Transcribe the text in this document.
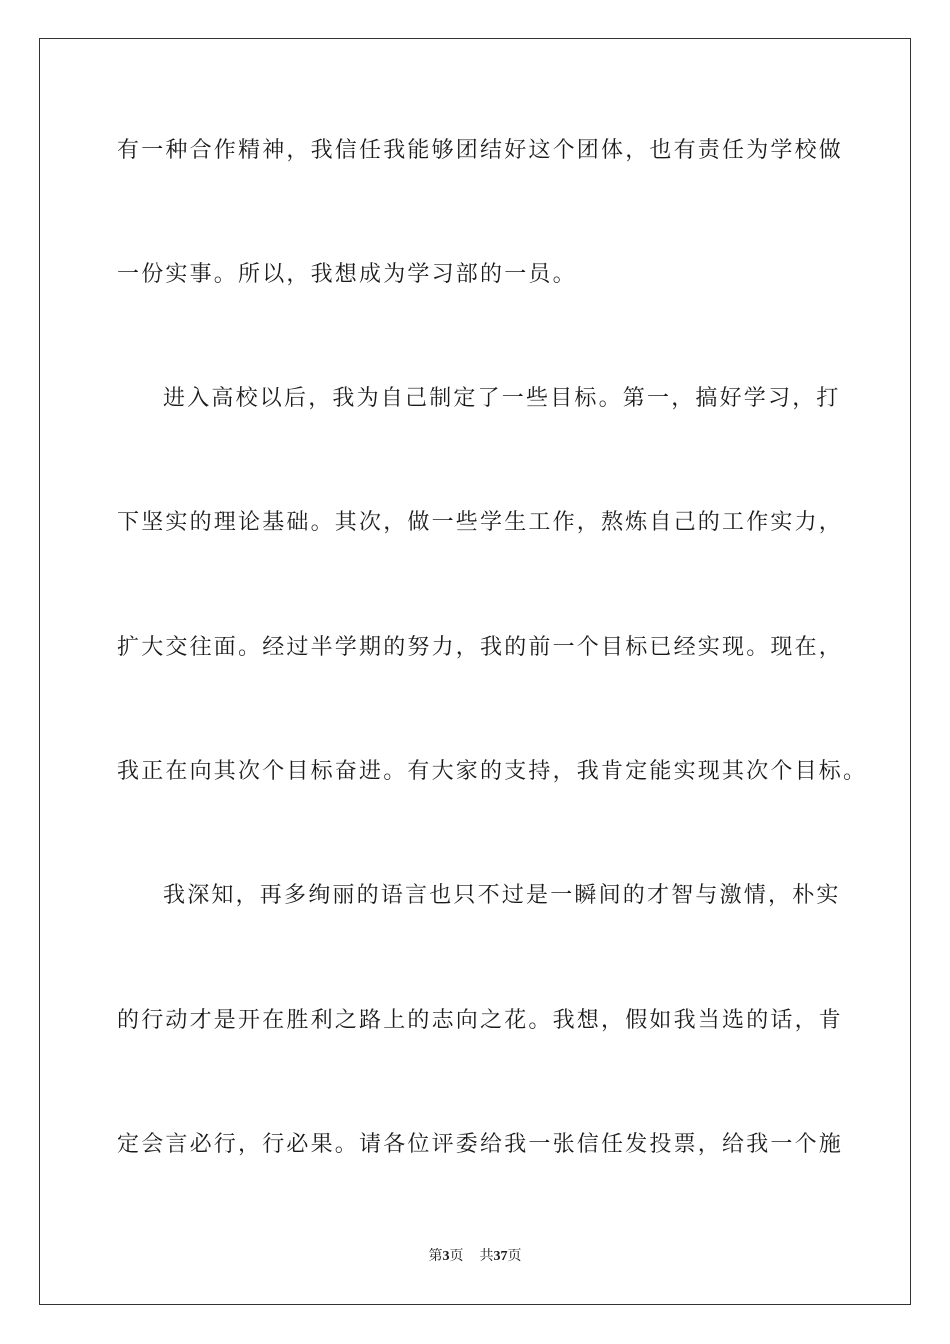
有一种合作精神，我信任我能够团结好这个团体，也有责任为学校做
一份实事。所以，我想成为学习部的一员。
进入高校以后，我为自己制定了一些目标。第一，搞好学习，打
下坚实的理论基础。其次，做一些学生工作，熬炼自己的工作实力，
扩大交往面。经过半学期的努力，我的前一个目标已经实现。现在，
我正在向其次个目标奋进。有大家的支持，我肯定能实现其次个目标。
我深知，再多绚丽的语言也只不过是一瞬间的才智与激情，朴实
的行动才是开在胜利之路上的志向之花。我想，假如我当选的话，肯
定会言必行，行必果。请各位评委给我一张信任发投票，给我一个施
第3页 共37页
